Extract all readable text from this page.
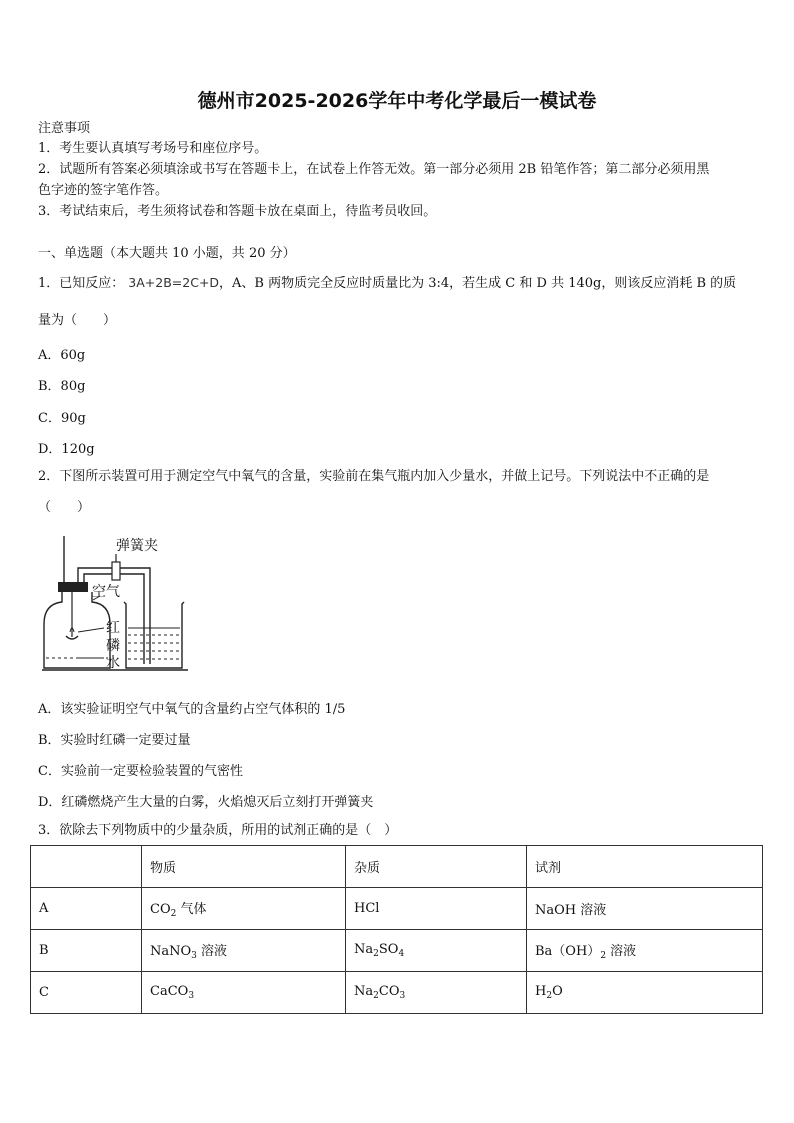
德州市2025-2026学年中考化学最后一模试卷
注意事项
1．考生要认真填写考场号和座位序号。
2．试题所有答案必须填涂或书写在答题卡上，在试卷上作答无效。第一部分必须用 2B 铅笔作答；第二部分必须用黑
色字迹的签字笔作答。
3．考试结束后，考生须将试卷和答题卡放在桌面上，待监考员收回。
一、单选题（本大题共 10 小题，共 20 分）
1．已知反应： 3A+2B=2C+D，A、B 两物质完全反应时质量比为 3:4，若生成 C 和 D 共 140g，则该反应消耗 B 的质
量为（　　）
A．60g
B．80g
C．90g
D．120g
2．下图所示装置可用于测定空气中氧气的含量，实验前在集气瓶内加入少量水，并做上记号。下列说法中不正确的是
（　　）
弹簧夹
空气
红
磷
水
A．该实验证明空气中氧气的含量约占空气体积的 1/5
B．实验时红磷一定要过量
C．实验前一定要检验装置的气密性
D．红磷燃烧产生大量的白雾，火焰熄灭后立刻打开弹簧夹
3．欲除去下列物质中的少量杂质，所用的试剂正确的是（　）
	物质	杂质	试剂
A	$CO_2$ 气体	HCl	NaOH 溶液
B	NaNO$_3$ 溶液	$Na_2SO_4$	$Ba(OH)_2$ 溶液
C	CaCO$_3$	$Na_2CO_3$	$H_2O$
